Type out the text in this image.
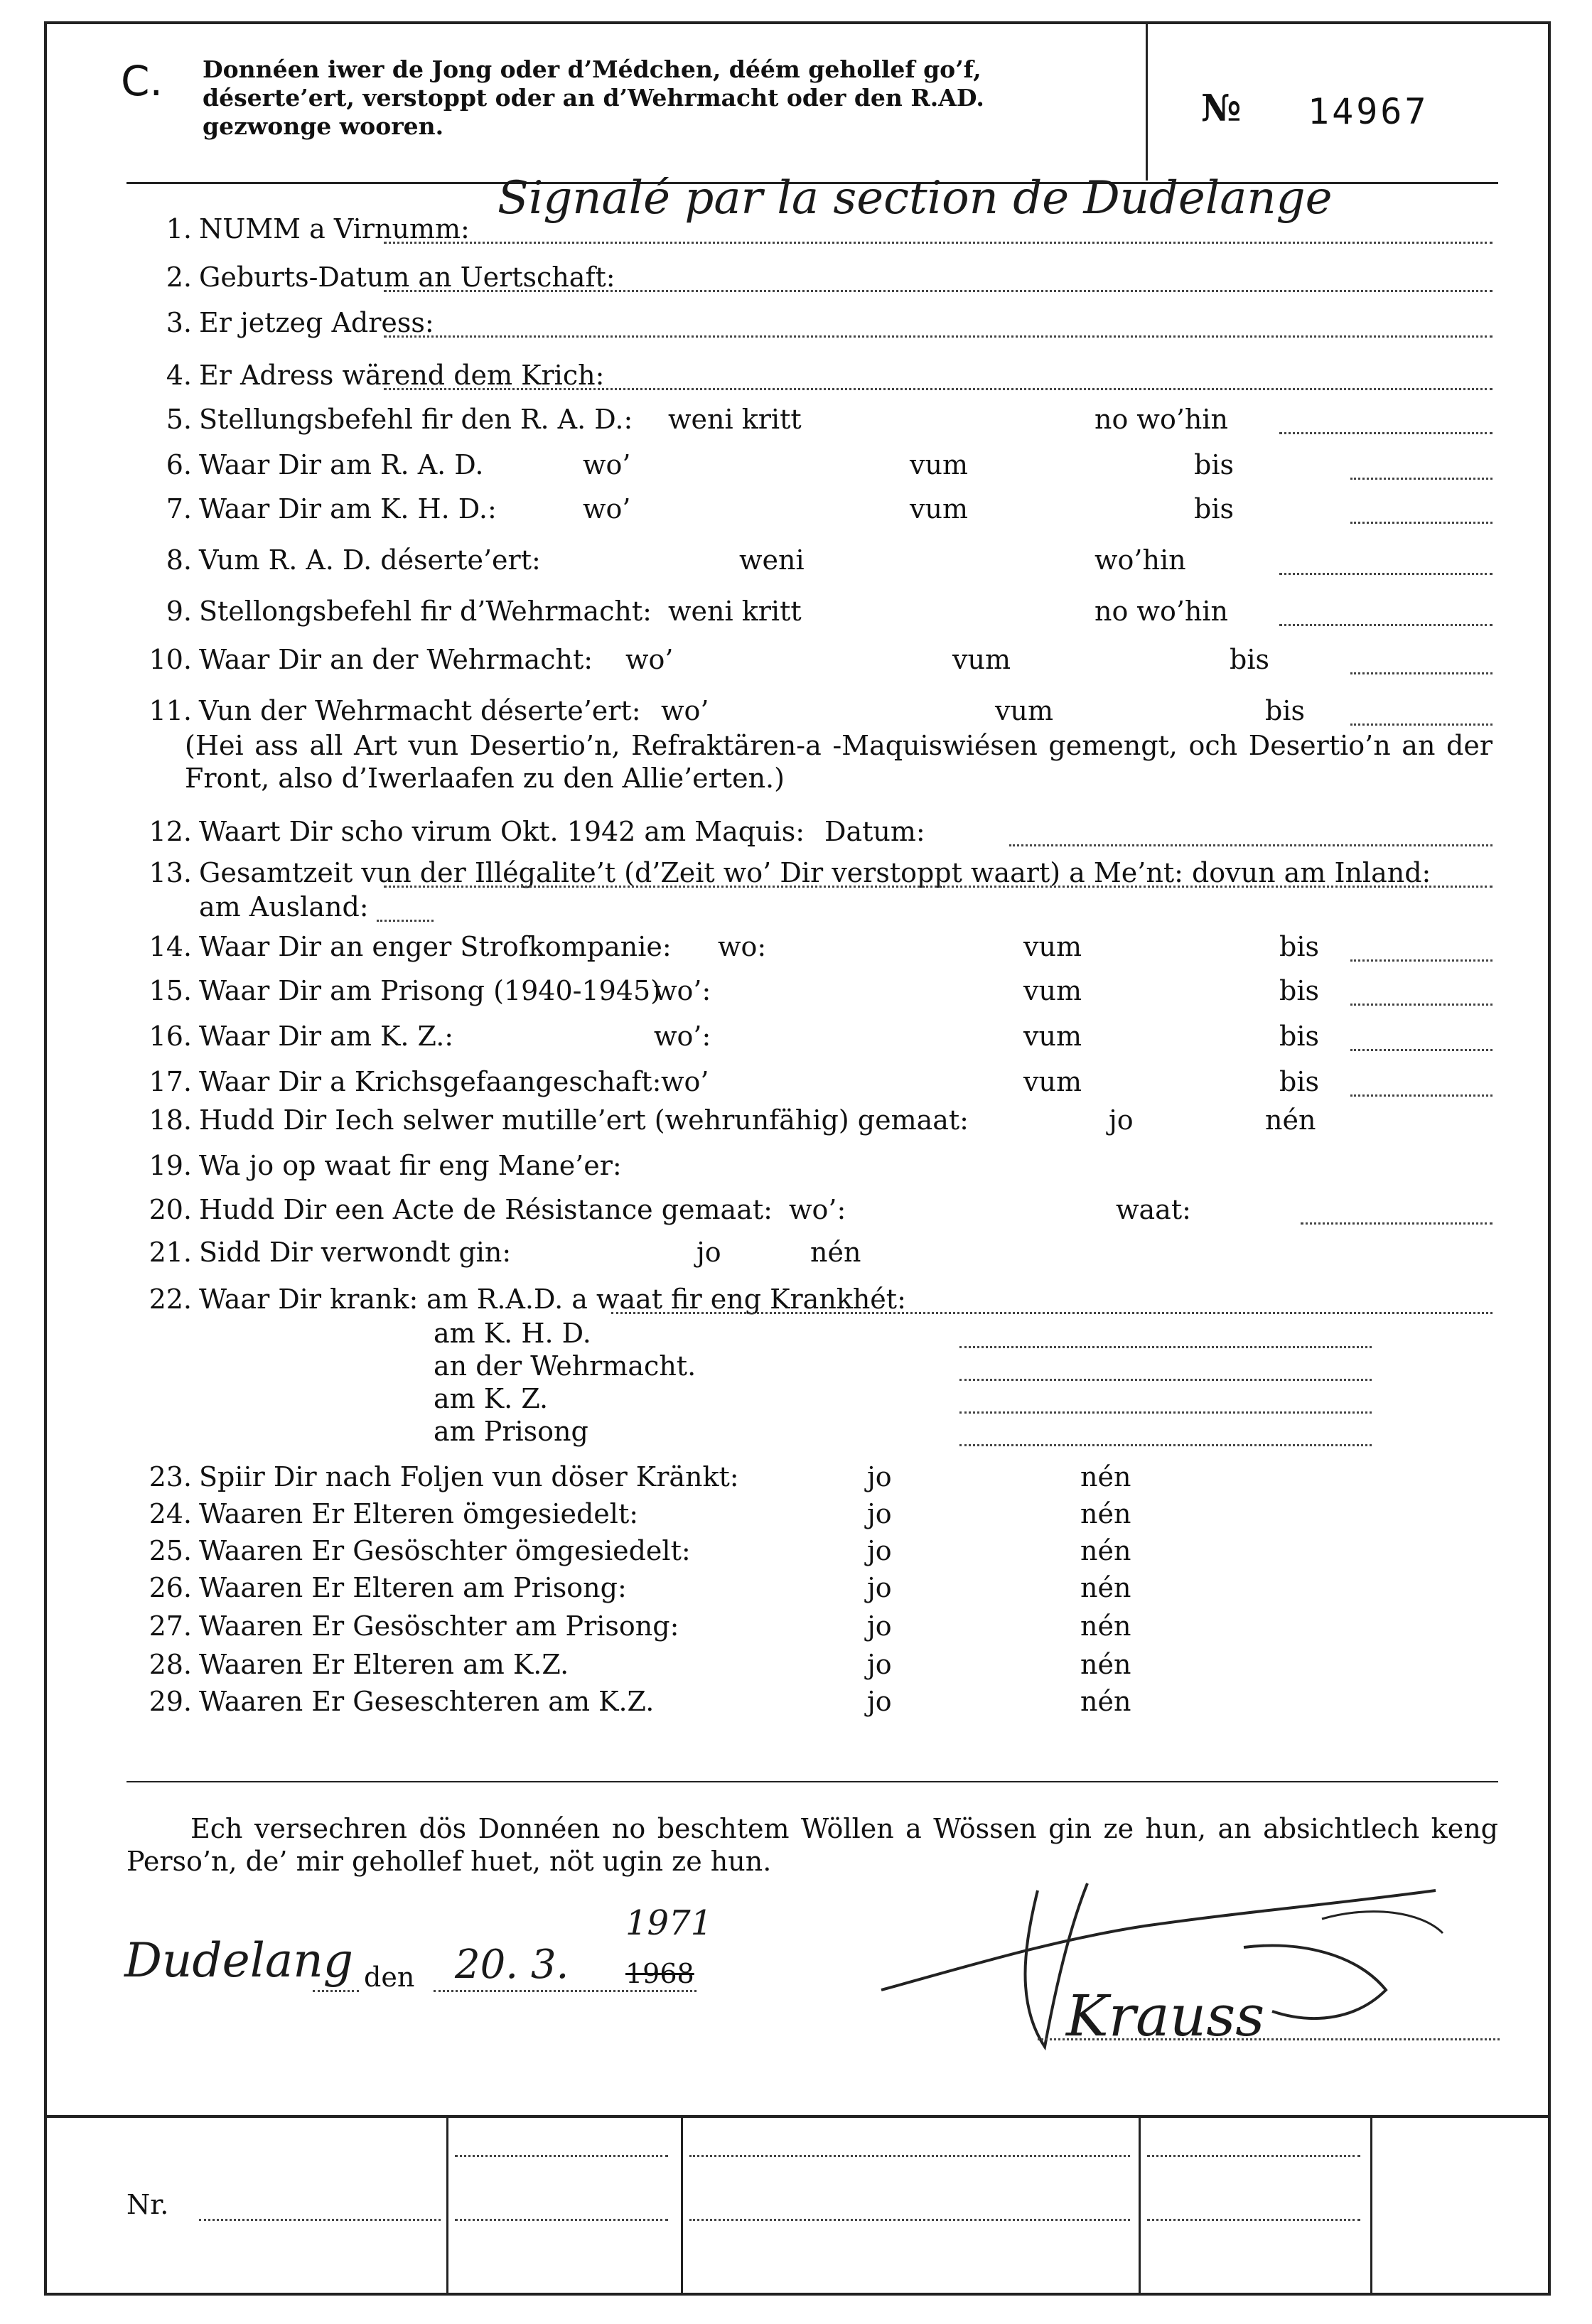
C. Donnéen iwer de Jong oder d’Médchen, déém gehollef go’f, déserte’ert, verstoppt oder an d’Wehrmacht oder den R.AD. gezwonge wooren.	№ 14967
1. NUMM a Virnumm:
Signalé par la section de Dudelange
2. Geburts-Datum an Uertschaft:
3. Er jetzeg Adress:
4. Er Adress wärend dem Krich:
5. Stellungsbefehl fir den R. A. D.: weni kritt	no wo’hin
6. Waar Dir am R. A. D.	wo’	vum	bis
7. Waar Dir am K. H. D.:	wo’	vum	bis
8. Vum R. A. D. déserte’ert:	weni	wo’hin
9. Stellongsbefehl fir d’Wehrmacht: weni kritt	no wo’hin
10. Waar Dir an der Wehrmacht: wo’	vum	bis
11. Vun der Wehrmacht déserte’ert: wo’	vum	bis
(Hei ass all Art vun Desertio’n, Refraktären-a -Maquiswiésen gemengt, och Desertio’n an der Front, also d’Iwerlaafen zu den Allie’erten.)
12. Waart Dir scho virum Okt. 1942 am Maquis: Datum:
13. Gesamtzeit vun der Illégalite’t (d’Zeit wo’ Dir verstoppt waart) a Me’nt: dovun am Inland:
am Ausland:
14. Waar Dir an enger Strofkompanie: wo:	vum	bis
15. Waar Dir am Prisong (1940-1945)
wo’:	vum	bis
16. Waar Dir am K. Z.:	wo’:	vum	bis
17. Waar Dir a Krichsgefaangeschaft: wo’	vum	bis
18. Hudd Dir Iech selwer mutille’ert (wehrunfähig) gemaat:	jo	nén
19. Wa jo op waat fir eng Mane’er:
20. Hudd Dir een Acte de Résistance gemaat: wo’:	waat:
21. Sidd Dir verwondt gin:	jo	nén
22. Waar Dir krank: am R.A.D. a waat fir eng Krankhét:
am K. H. D.
an der Wehrmacht.
am K. Z.
am Prisong
23. Spiir Dir nach Foljen vun döser Kränkt:	jo	nén
24. Waaren Er Elteren ömgesiedelt:	jo	nén
25. Waaren Er Gesöschter ömgesiedelt:	jo	nén
26. Waaren Er Elteren am Prisong:	jo	nén
27. Waaren Er Gesöschter am Prisong:	jo	nén
28. Waaren Er Elteren am K.Z.	jo	nén
29. Waaren Er Geseschteren am K.Z.	jo	nén
Ech versechren dös Donnéen no beschtem Wöllen a Wössen gin ze hun, an absichtlech keng Perso’n, de’ mir gehollef huet, nöt ugin ze hun.
Dudelang den 20. 3.
1971
1968
Krauss
Nr.
